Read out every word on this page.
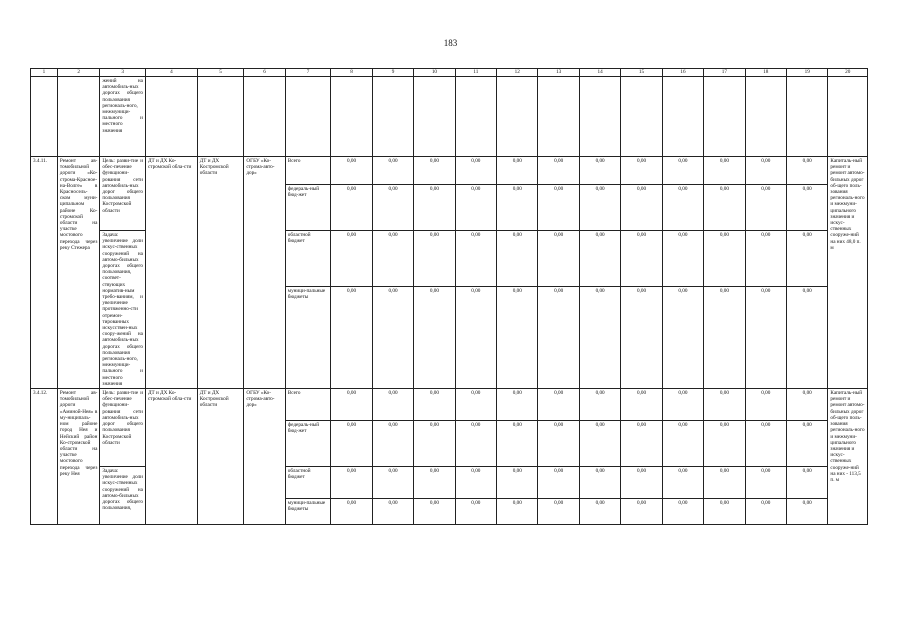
183
1	2	3	4	5	6	7	8	9	10	11	12	13	14	15	16	17	18	19	20
		жений на автомобиль-ных дорогах общего пользования региональ-ного, межмуници-пального и местного значения																	
3.4.11.	Ремонт ав-томобильной дороги «Ко-строма-Красное-на-Волге» в Красносель-ском муни-ципальном районе Ко-стромской области на участке мостового перехода через реку Стежера	Цель: разви-тие и обес-печение функциони-рования сети автомобиль-ных дорог общего пользования Костромской области	ДТ и ДХ Ко-стромской обла-сти	ДТ и ДХ Костромской области	ОГБУ «Ко-строма-авто-дор»	Всего	0,00	0,00	0,00	0,00	0,00	0,00	0,00	0,00	0,00	0,00	0,00	0,00	Капиталь-ный ремонт и ремонт автомо-бильных дорог об-щего поль-зования региональ-ного и межмуни-ципального значения и искус-ственных сооруже-ний на них 48,0 п. м
						федераль-ный бюд-жет	0,00	0,00	0,00	0,00	0,00	0,00	0,00	0,00	0,00	0,00	0,00	0,00	
		Задача: увеличение доли искус-ственных сооружений на автомо-бильных дорогах общего пользования, соответ-ствующих норматив-ным требо-ваниям, и увеличение протяженно-сти отремон-тированных искусствен-ных соору-жений на автомобиль-ных дорогах общего пользования региональ-ного, межмуници-пального и местного значения				областной бюджет	0,00	0,00	0,00	0,00	0,00	0,00	0,00	0,00	0,00	0,00	0,00	0,00	
						муници-пальные бюджеты	0,00	0,00	0,00	0,00	0,00	0,00	0,00	0,00	0,00	0,00	0,00	0,00	
3.4.12.	Ремонт ав-томобильной дороги «Аминой-Нея» в му-ниципаль-ном районе город Нея и Нейский район Ко-стромской области на участке мостового перехода через реку Нея	Цель: разви-тие и обес-печение функциони-рования сети автомобиль-ных дорог общего пользования Костромской области	ДТ и ДХ Ко-стромской обла-сти	ДТ и ДХ Костромской области	ОГБУ «Ко-строма-авто-дор»	Всего	0,00	0,00	0,00	0,00	0,00	0,00	0,00	0,00	0,00	0,00	0,00	0,00	Капиталь-ный ремонт и ремонт автомо-бильных дорог об-щего поль-зования региональ-ного и межмуни-ципального значения и искус-ственных сооруже-ний на них - 113,5 п. м
						федераль-ный бюд-жет	0,00	0,00	0,00	0,00	0,00	0,00	0,00	0,00	0,00	0,00	0,00	0,00	
		Задача: увеличение доли искус-ственных сооружений на автомо-бильных дорогах общего пользования,				областной бюджет	0,00	0,00	0,00	0,00	0,00	0,00	0,00	0,00	0,00	0,00	0,00	0,00	
						муници-пальные бюджеты	0,00	0,00	0,00	0,00	0,00	0,00	0,00	0,00	0,00	0,00	0,00	0,00	
